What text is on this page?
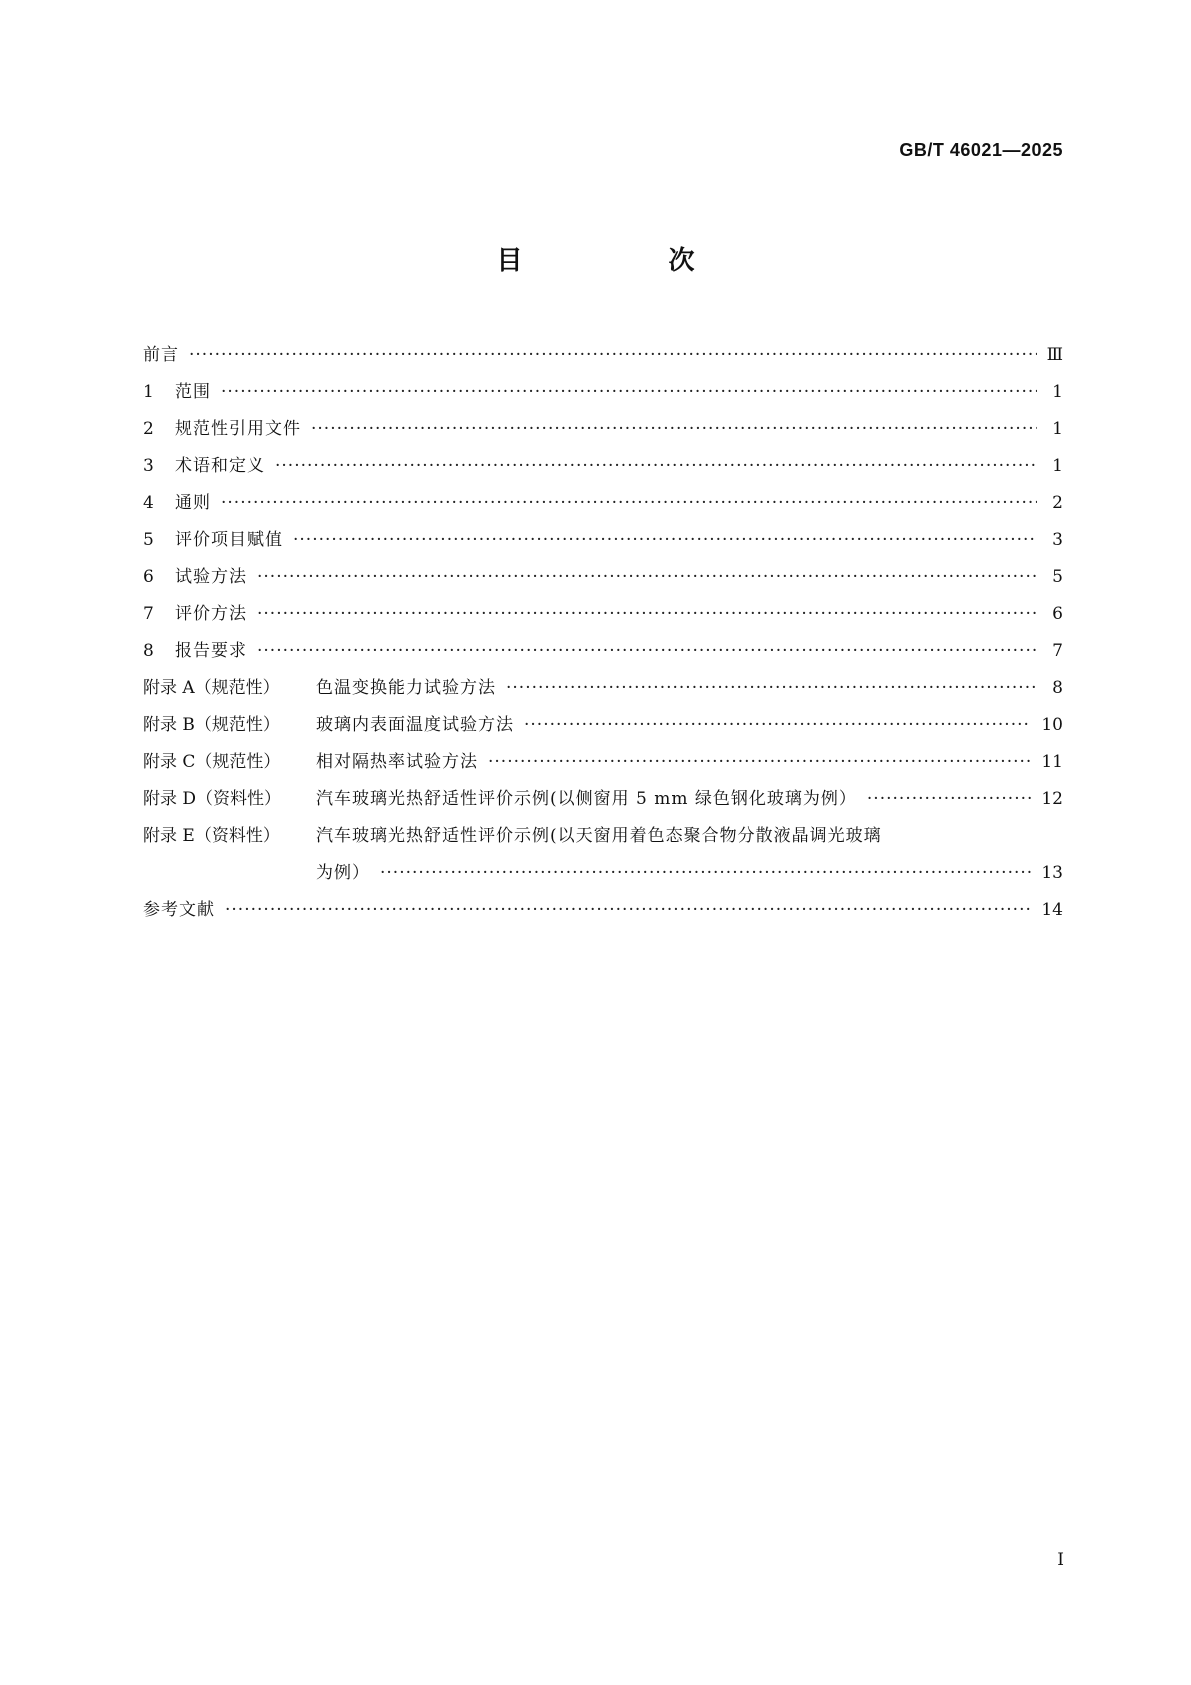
GB/T 46021—2025

目　次
前言 ·····	Ⅲ
1	范围 ·····	1
2	规范性引用文件 ·····	1
3	术语和定义 ·····	1
4	通则 ·····	2
5	评价项目赋值 ·····	3
6	试验方法 ·····	5
7	评价方法 ·····	6
8	报告要求 ·····	7
附录 A（规范性）	色温变换能力试验方法 ·····	8
附录 B（规范性）	玻璃内表面温度试验方法 ·····	10
附录 C（规范性）	相对隔热率试验方法 ·····	11
附录 D（资料性）	汽车玻璃光热舒适性评价示例(以侧窗用 5 mm 绿色钢化玻璃为例） ·····	12
附录 E（资料性）	汽车玻璃光热舒适性评价示例(以天窗用着色态聚合物分散液晶调光玻璃
为例） ·····	13
参考文献 ·····	14

I
